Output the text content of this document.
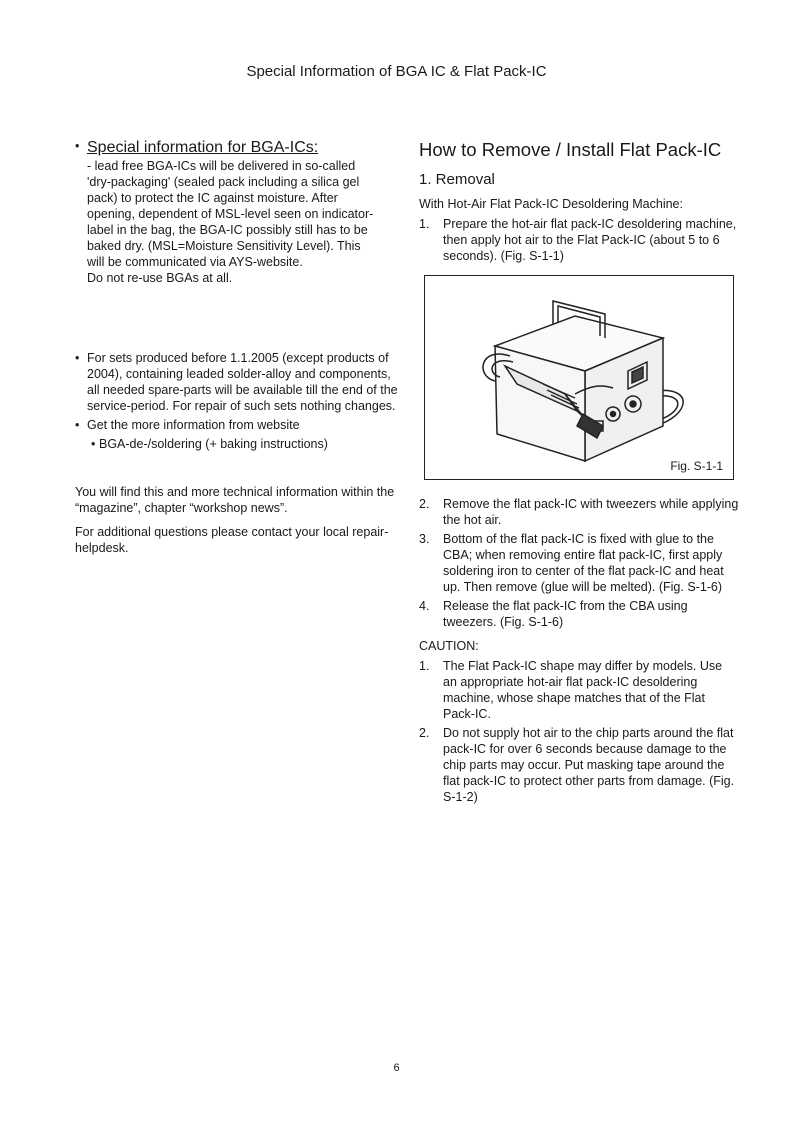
Special Information of BGA IC & Flat Pack-IC
• Special information for BGA-ICs:

- lead free BGA-ICs will be delivered in so-called

'dry-packaging' (sealed pack including a silica gel

pack) to protect the IC against moisture. After

opening, dependent of MSL-level seen on indicator-

label in the bag, the BGA-IC possibly still has to be

baked dry. (MSL=Moisture Sensitivity Level). This

will be communicated via AYS-website.

Do not re-use BGAs at all.

• For sets produced before 1.1.2005 (except products of 2004), containing leaded solder-alloy and components, all needed spare-parts will be available till the end of the service-period. For repair of such sets nothing changes.
• Get the more information from website
• BGA-de-/soldering (+ baking instructions)

You will find this and more technical information within the “magazine”, chapter “workshop news”.

For additional questions please contact your local repair-helpdesk.

How to Remove / Install Flat Pack-IC
1. Removal
With Hot-Air Flat Pack-IC Desoldering Machine:
1.	Prepare the hot-air flat pack-IC desoldering machine, then apply hot air to the Flat Pack-IC (about 5 to 6 seconds). (Fig. S-1-1)
Fig. S-1-1
2.	Remove the flat pack-IC with tweezers while applying the hot air.
3.	Bottom of the flat pack-IC is fixed with glue to the CBA; when removing entire flat pack-IC, first apply soldering iron to center of the flat pack-IC and heat up. Then remove (glue will be melted). (Fig. S-1-6)
4.	Release the flat pack-IC from the CBA using tweezers. (Fig. S-1-6)
CAUTION:
1.	The Flat Pack-IC shape may differ by models. Use an appropriate hot-air flat pack-IC desoldering machine, whose shape matches that of the Flat Pack-IC.
2.	Do not supply hot air to the chip parts around the flat pack-IC for over 6 seconds because damage to the chip parts may occur. Put masking tape around the flat pack-IC to protect other parts from damage. (Fig. S-1-2)
6
